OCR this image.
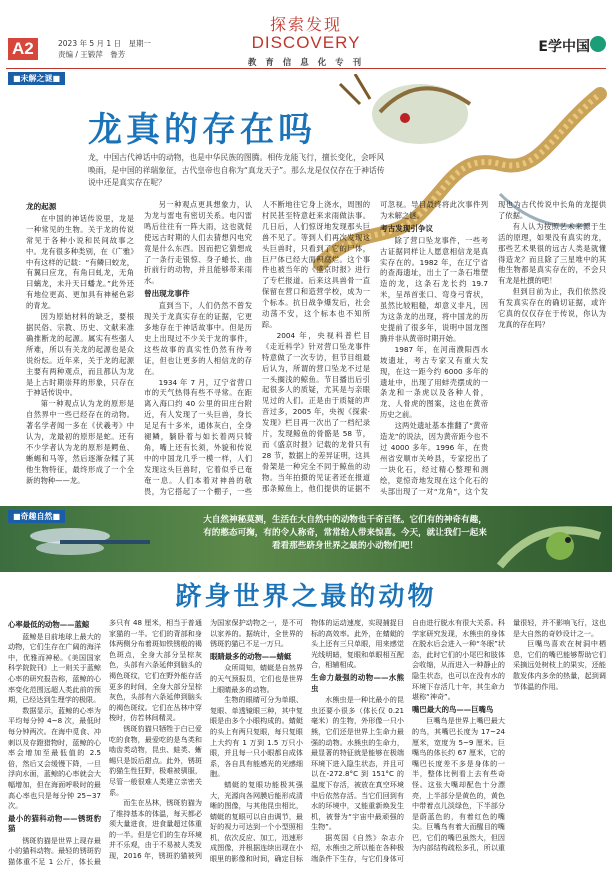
A2	2023 年 5 月 1 日　星期一
责编 / 王锻萍　鲁芳
探索发现
DISCOVERY
教 育 信 息 化 专 刊
E学中国
■未解之谜■
龙真的存在吗
龙，中国古代神话中的动物，也是中华民族的图腾。相传龙能飞行，擅长变化，会呼风唤雨，是中国的祥瑞象征，古代皇帝也自称为“真龙天子”。那么龙是仅仅存在于神话传说中还是真实存在呢？
龙的起源

在中国的神话传说里，龙是一种常见的生物。关于龙的传说常见于各种小说和民间故事之中。龙有很多种类别，在《广雅》中有这样的记载：“有鳞曰蛟龙，有翼曰应龙，有角曰虬龙，无角曰螭龙，未升天曰蟠龙。”此外还有地位更高、更加具有神秘色彩的青龙。

因为原始材料的缺乏，要根据民俗、宗教、历史、文献来准确推断龙的起源。属实有些强人所难，所以有关龙的起源也是众说纷纭。近年来，关于龙的起源主要有两种观点，而且都认为龙是上古时期崇拜的形象，只存在于神话传说中。

第一种观点认为龙的原形是自然界中一些已经存在的动物。著名学者闻一多在《伏羲考》中认为，龙最初的原形是蛇。还有不少学者认为龙的原形是鳄鱼、蜥蜴和马等，然后逐渐杂糅了其他生物特征，最终形成了一个全新的物种——龙。

另一种观点更具想象力，认为龙与雷电有密切关系。电闪雷鸣后往往有一阵大雨，这也就促使远古时期的人们去猜想闪电究竟是什么东西。因而把它猜想成了一条行走银惊、身子蜷长、曲折前行的动物，并且能够带来雨水。

曾出现龙事件

直到当下，人们仍然不曾发现关于龙真实存在的证据，它更多地存在于神话故事中。但是历史上出现过不少关于龙的事件，这些故事的真实性仍然有待考证，但也让更多的人相信龙的存在。

1934 年 7 月，辽宁省营口市的天气热得有些不寻常。在距离入海口约 40 公里的田庄台附近，有人发现了一头巨兽，身长足足有十多米，通体灰白，全身褪鳞，躺卧着与如长着两只犄角，嘴上还有长须，外貌和传说中的中国龙几乎一模一样，人们发现这头巨兽时，它着似乎已奄奄一息。人们本着对神兽的敬畏，为它搭起了一个棚子，一些人不断地往它身上浇水，周围的村民甚至特意赶来求雨做法事。几日后，人们惊讶地发现那头巨兽不见了。等到人们再次发现这头巨兽时，只看到了它的尸体，巨尸体已经大面积腐烂。这个事件也被当年的《盛京时报》进行了专栏报道。后来这具兽骨一直保留在营口和造营学校，成为一个标本。抗日战争爆发后，社会动荡不安，这个标本也不知所踪。

2004 年，央视科普栏目《走近科学》针对营口坠龙事件特意做了一次专访，但节目组最后认为，所谓的营口坠龙不过是一头搁浅的鲸鱼。节目播出后引起很多人的质疑，尤其是与亲眼见过的人们。正是由于质疑的声音过多，2005 年，央视《探索·发现》栏目再一次出了一档纪录片，发现鲸鱼的骨骼是 58 节，而《盛京时报》记载的龙骨只有 28 节，数据上的差异证明，这具骨架是一种完全不同于鲸鱼的动物。当年拍摄的见证者还在报道那条鲸鱼上，他们提供的证据不可忽视。导目最终将此次事件列为未解之谜。

考古发现引争议

除了营口坠龙事件，一些考古证据同样让人愿意相信龙是真实存在的。1982 年，在辽宁省的查海遗址，出土了一条石堆塑造的龙，这条石龙长约 19.7 米，呈昂首张口、弯身弓背状，虽然比较粗糙，却意义非凡，因为这条龙的出现，将中国龙的历史提前了很多年，说明中国龙图腾并非从黄帝时期开始。

1987 年，在河南濮阳西水坡遗址，考古专家又有重大发现，在这一距今约 6000 多年的遗址中，出现了用蚌壳摆成的一条龙和一条虎以及各种人骨，龙、人骨虎的图案，这也在黄帝历史之前。

这两处遗址基本推翻了“黄帝造龙”的说法，因为黄帝距今也不过 4000 多年。1996 年，在贵州省安顺市关岭县，专家挖出了一块化石，经过精心整理和测绘，竟惊奇地发现在这个化石的头部出现了一对“龙角”，这个发现也为古代传说中长角的龙提供了依据。

有人认为按照艺术来源于生活的原理，如果没有真实的龙，那些艺术果很的远古人类是就懂得造龙？而且除了三星堆中的其他生物都是真实存在的，不会只有龙是杜撰的吧！

但到目前为止，我们依然没有发真实存在的确切证据，或许它真的仅仅存在于传说，你认为龙真的存在吗？

■奇趣自然■	大自然神秘莫测，生活在大自然中的动物也千奇百怪。它们有的神奇有趣，有的憨态可掬，有的令人称奇，常常给人带来惊喜。今天，就让我们一起来看看那些跻身世界之最的小动物们吧！
跻身世界之最的动物
心率最低的动物——蓝鲸

蓝鲸是目前地球上最大的动物，它们生存在广阔的海洋中，优雅而神秘。《美国国家科学院院刊》上一则关于蓝鲸心率的研究报告称，蓝鲸的心率变化范围远超人类此前的预期，已经达到生理学的极限。

数据显示，蓝鲸的心率为平均每分钟 4~8 次，最低时每分钟两次。在海中觅食、冲刺以及存蹬猎物时，蓝鲸的心率会增加至最低值的 2.5 倍，然后又会缓慢下降，一旦浮向水面，蓝鲸的心率就会大幅增加，但在海面呼吸时的最高心率也只是每分钟 25~37 次。

最小的猫科动物——锈斑豹猫

锈斑豹猫是世界上现存最小的猫科动物。最轻的锈斑豹猫体重不足 1 公斤，体长最多只有 48 厘米，相当于普通家猫的一半。它们的背部和身体两侧分布着斑如铁锈般的褐色斑点，全身大部分呈棕灰色，头部有六条延伸到脑头的褐色斑纹，它们在野外能存活更多的时间，全身大部分呈棕灰色，头部有六条延伸到脑头的褐色斑纹。它们在丛林中穿梭时，仿若林间精灵。

锈斑豹猫只牺牲于白已爱吃的食物，最爱吃的是鸟类和啮齿类动物，昆虫、蛙类、蜥蜴只是饭后甜点。此外，锈斑豹猫生性狂野，极难被驯服，尽管一般很难人类建立亲密关系。

而生在丛林，锈斑豹猫为了维持基本的体温，每天都必须大量进食，进食量超过体重的一半。但是它们的生存环境并不乐观，由于不易被人类发现，2016 年，锈斑豹猫被列为国家保护动物之一，是不可以家养的。据统计，全世界的锈斑豹猫已不足一万只。

眼睛最多的动物——蜻蜓

众所周知，蜻蜓是自然界的天气预报员，它们也是世界上眼睛最多的动物。

生物的眼睛可分为单眼、复眼、单透镜眼三种，其中复眼是由多个小眼构成的。蜻蜓的头上有两只复眼，每只复眼上大约有 1 万到 1.5 万只小眼，并且每一只小眼都自成体系，各自具有能感光的光感细胞。

蜻蜓的复眼功能极其强大，光源向各网膜后能形成清晰的图像，与其他昆虫相比，蜻蜓的复眼可以自由调节，最好的视力可达到一个小型照相机，依次反应、加工，迅速形成图像，并根据连续出现在小眼里的影像和时间，确定目标物体的运动速度，实现捕捉目标的高效率。此外，在蜻蜓的头上还有三只单眼，用来感觉光线明暗，复眼和单眼相互配合，相辅相成。

生命力最强的动物——水熊虫

水熊虫是一种比最小的昆虫还要小很多（体长仅 0.21 毫米）的生物，外形像一只小熊，它们还是世界上生命力最强的动物。水熊虫的生命力，最显著的特征就是能够在极端环境下进入隐生状态，并且可以在-272.8°C 到 151°C 的温度下存活，被放在真空环境中后依然存活。当它们回到有水的环境中，又能重新焕发生机，被誉为“宇宙中最顽强的生物”。

据英国《自然》杂志介绍，水熊虫之所以能在各种极端条件下生存，与它们身体可自由进行脱水有很大关系。科学家研究发现，水熊虫的身体在脱水后会进入一种“冬眠”状态，此时它们的小尾巴和肢体会收缩，从而进入一种静止的隐生状态，也可以在没有水的环境下存活几十年，其生命力堪称“神奇”。

嘴巴最大的鸟——巨嘴鸟

巨嘴鸟是世界上嘴巴最大的鸟，其嘴巴长度为 17~24 厘米，宽度为 5~9 厘米。巨嘴鸟的体长约 67 厘米，它的嘴巴长度差不多是身体的一半，整体比例看上去有些奇怪。这张大嘴却配色十分漂亮，上半部分是黄色的，黄色中带着点儿淡绿色，下半部分是蔚蓝色的，有着红色的嘴尖。巨嘴鸟有着大而醒目的嘴巴，它们的嘴巴虽然大，但因为内部结构疏松多孔，所以重量很轻，并不影响飞行，这也是大自然的奇妙设计之一。

巨嘴鸟喜欢在树洞中栖息，它们的嘴巴能够帮助它们采摘远处树枝上的果实，还能散发体内多余的热量，起到调节体温的作用。
